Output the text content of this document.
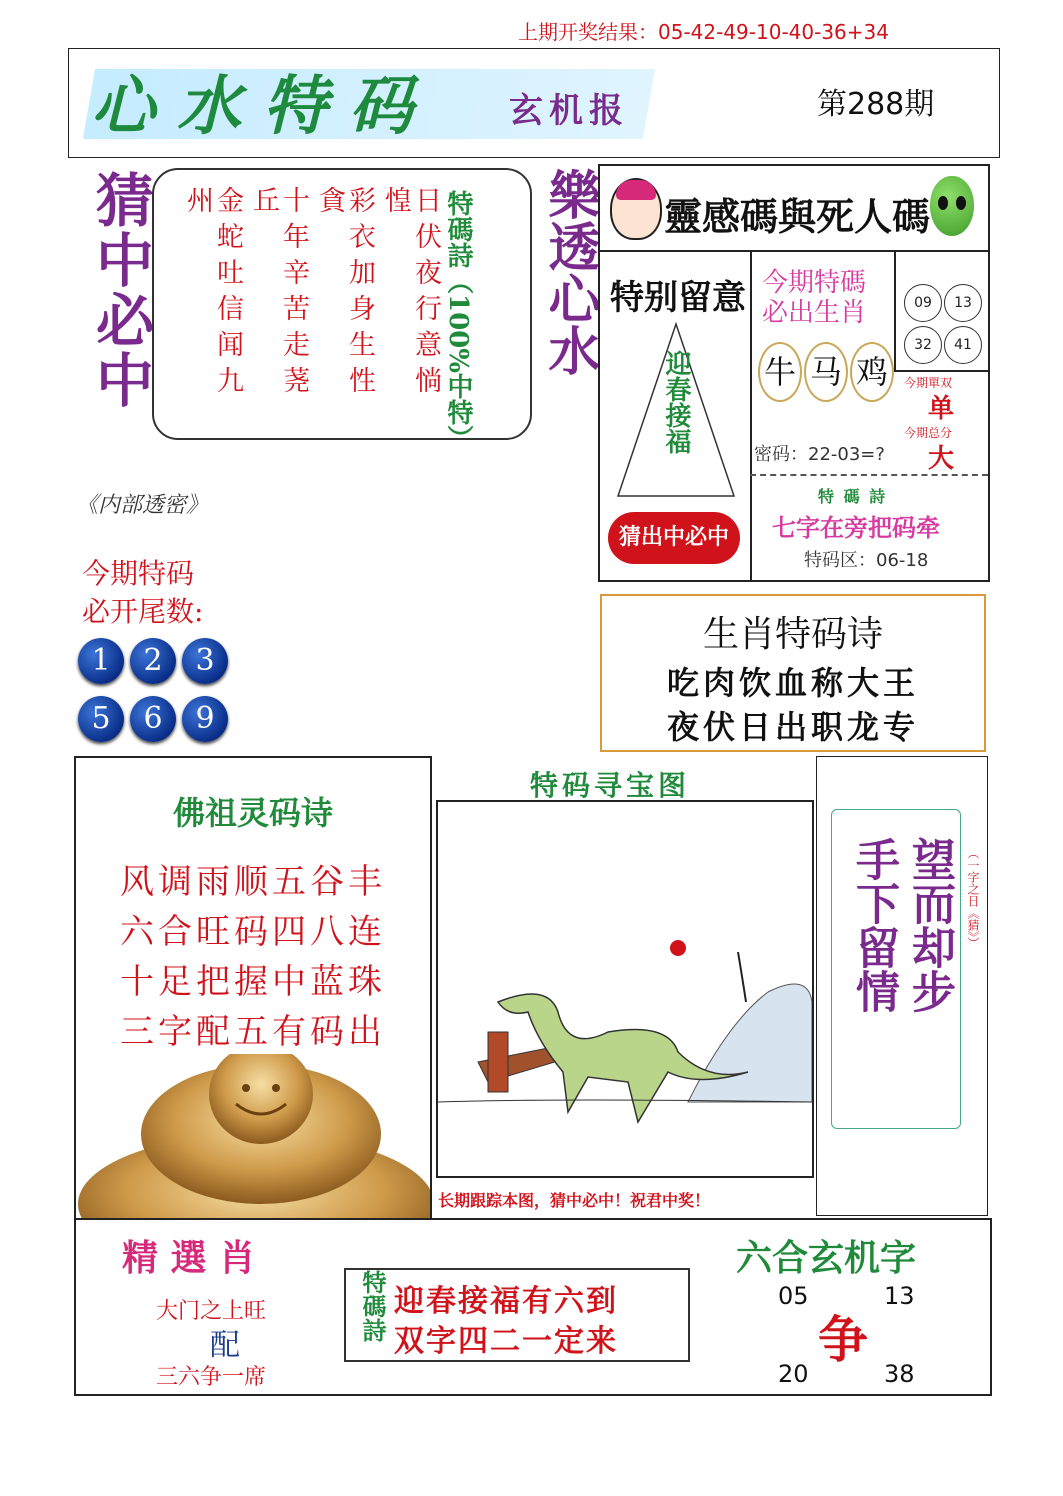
上期开奖结果：05-42-49-10-40-36+34
心水特码 玄机报	第288期
猜中必中	金蛇吐信闻九州	十年辛苦走荛丘	彩衣加身生性貪	日伏夜行意惝惶	特碼詩（100%中特） 樂透心水 靈感碼與死人碼
特别留意
迎春接福
猜出中必中
今期特碼
必出生肖
牛 马 鸡
密码：22-03=?
09	13
32	41
今期單双
单
今期总分
大
特 碼 詩
七字在旁把码牵
特码区：06-18
《内部透密》
今期特码
必开尾数:
1	2	3
5	6	9
生肖特码诗
吃肉饮血称大王
夜伏日出职龙专
佛祖灵码诗
风调雨顺五谷丰
六合旺码四八连
十足把握中蓝珠
三字配五有码出
特码寻宝图
长期跟踪本图，猜中必中！祝君中奖！
望而却步
手下留情	（一字之日《猜》）
精 選 肖
大门之上旺
配
三六争一席
特碼詩 迎春接福有六到
双字四二一定来
六合玄机字
05	13
争
20	38
